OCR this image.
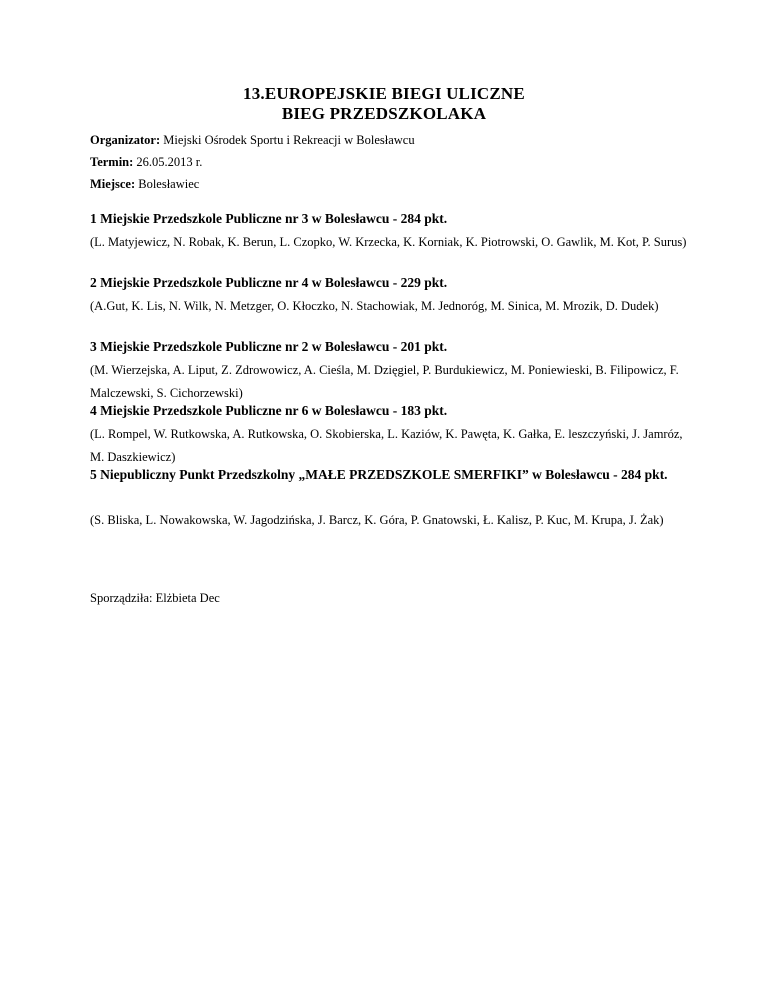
13.EUROPEJSKIE BIEGI ULICZNE
BIEG PRZEDSZKOLAKA
Organizator: Miejski Ośrodek Sportu i Rekreacji w Bolesławcu
Termin: 26.05.2013 r.
Miejsce: Bolesławiec
1 Miejskie Przedszkole Publiczne nr 3 w Bolesławcu - 284 pkt.
(L. Matyjewicz, N. Robak, K. Berun, L. Czopko, W. Krzecka, K. Korniak, K. Piotrowski, O. Gawlik, M. Kot, P. Surus)
2 Miejskie Przedszkole Publiczne nr 4 w Bolesławcu - 229 pkt.
(A.Gut, K. Lis, N. Wilk, N. Metzger, O. Kłoczko, N. Stachowiak, M. Jednoróg, M. Sinica, M. Mrozik, D. Dudek)
3 Miejskie Przedszkole Publiczne nr 2 w Bolesławcu - 201 pkt.
(M. Wierzejska, A. Liput, Z. Zdrowowicz, A. Cieśla, M. Dzięgiel, P. Burdukiewicz, M. Poniewieski, B. Filipowicz, F. Malczewski, S. Cichorzewski)
4 Miejskie Przedszkole Publiczne nr 6 w Bolesławcu - 183 pkt.
(L. Rompel, W. Rutkowska, A. Rutkowska, O. Skobierska, L. Kaziów, K. Pawęta, K. Gałka, E. leszczyński, J. Jamróz, M. Daszkiewicz)
5 Niepubliczny Punkt Przedszkolny „MAŁE PRZEDSZKOLE SMERFIKI” w Bolesławcu - 284 pkt.
(S. Bliska, L. Nowakowska, W. Jagodzińska, J. Barcz, K. Góra, P. Gnatowski, Ł. Kalisz, P. Kuc, M. Krupa, J. Żak)
Sporządziła: Elżbieta Dec
